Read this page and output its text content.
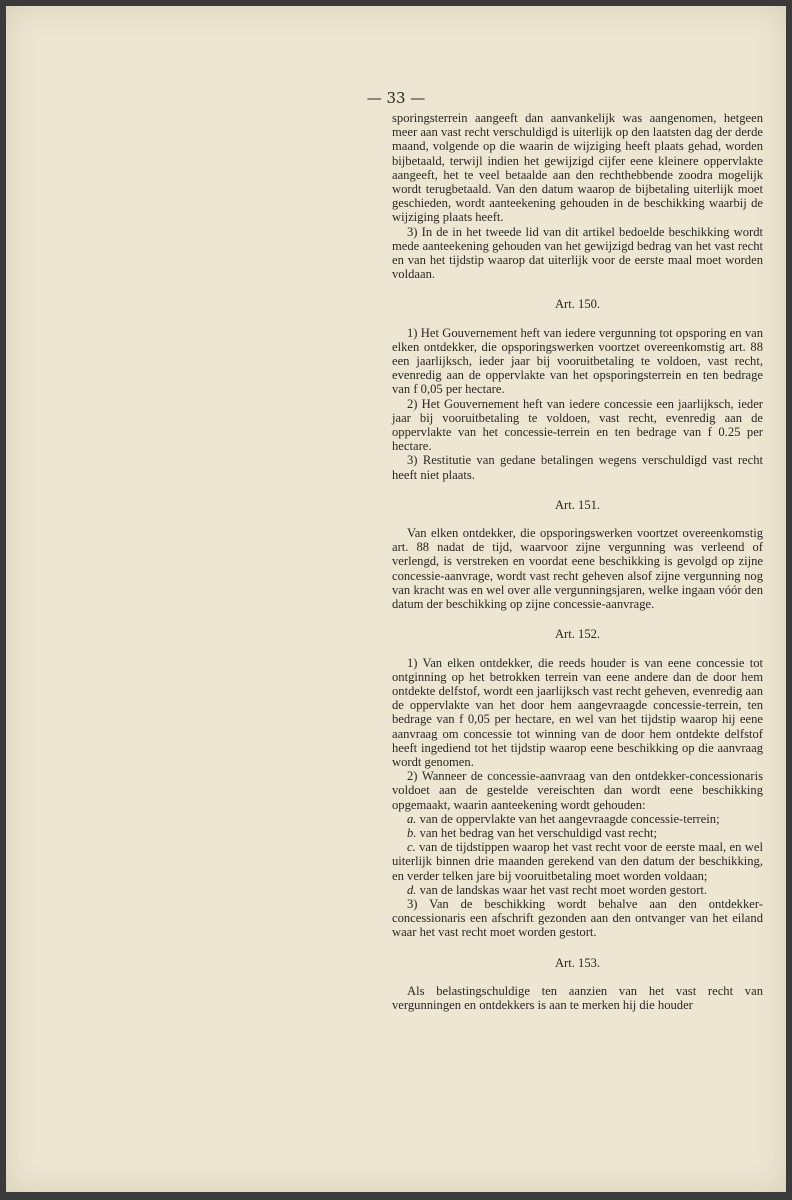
— 33 —

sporingsterrein aangeeft dan aanvankelijk was aangenomen, hetgeen meer aan vast recht verschuldigd is uiterlijk op den laatsten dag der derde maand, volgende op die waarin de wijziging heeft plaats gehad, worden bijbetaald, terwijl indien het gewijzigd cijfer eene kleinere oppervlakte aangeeft, het te veel betaalde aan den rechthebbende zoodra mogelijk wordt terugbetaald. Van den datum waarop de bijbetaling uiterlijk moet geschieden, wordt aanteekening gehouden in de beschikking waarbij de wijziging plaats heeft.

3) In de in het tweede lid van dit artikel bedoelde beschikking wordt mede aanteekening gehouden van het gewijzigd bedrag van het vast recht en van het tijdstip waarop dat uiterlijk voor de eerste maal moet worden voldaan.

Art. 150.

1) Het Gouvernement heft van iedere vergunning tot opsporing en van elken ontdekker, die opsporingswerken voortzet overeenkomstig art. 88 een jaarlijksch, ieder jaar bij vooruitbetaling te voldoen, vast recht, evenredig aan de oppervlakte van het opsporingsterrein en ten bedrage van f 0,05 per hectare.

2) Het Gouvernement heft van iedere concessie een jaarlijksch, ieder jaar bij vooruitbetaling te voldoen, vast recht, evenredig aan de oppervlakte van het concessie-terrein en ten bedrage van f 0.25 per hectare.

3) Restitutie van gedane betalingen wegens verschuldigd vast recht heeft niet plaats.

Art. 151.

Van elken ontdekker, die opsporingswerken voortzet overeenkomstig art. 88 nadat de tijd, waarvoor zijne vergunning was verleend of verlengd, is verstreken en voordat eene beschikking is gevolgd op zijne concessie-aanvrage, wordt vast recht geheven alsof zijne vergunning nog van kracht was en wel over alle vergunningsjaren, welke ingaan vóór den datum der beschikking op zijne concessie-aanvrage.

Art. 152.

1) Van elken ontdekker, die reeds houder is van eene concessie tot ontginning op het betrokken terrein van eene andere dan de door hem ontdekte delfstof, wordt een jaarlijksch vast recht geheven, evenredig aan de oppervlakte van het door hem aangevraagde concessie-terrein, ten bedrage van f 0,05 per hectare, en wel van het tijdstip waarop hij eene aanvraag om concessie tot winning van de door hem ontdekte delfstof heeft ingediend tot het tijdstip waarop eene beschikking op die aanvraag wordt genomen.

2) Wanneer de concessie-aanvraag van den ontdekker-concessionaris voldoet aan de gestelde vereischten dan wordt eene beschikking opgemaakt, waarin aanteekening wordt gehouden:

a. van de oppervlakte van het aangevraagde concessie-terrein;

b. van het bedrag van het verschuldigd vast recht;

c. van de tijdstippen waarop het vast recht voor de eerste maal, en wel uiterlijk binnen drie maanden gerekend van den datum der beschikking, en verder telken jare bij vooruitbetaling moet worden voldaan;

d. van de landskas waar het vast recht moet worden gestort.

3) Van de beschikking wordt behalve aan den ontdekker-concessionaris een afschrift gezonden aan den ontvanger van het eiland waar het vast recht moet worden gestort.

Art. 153.

Als belastingschuldige ten aanzien van het vast recht van vergunningen en ontdekkers is aan te merken hij die houder
